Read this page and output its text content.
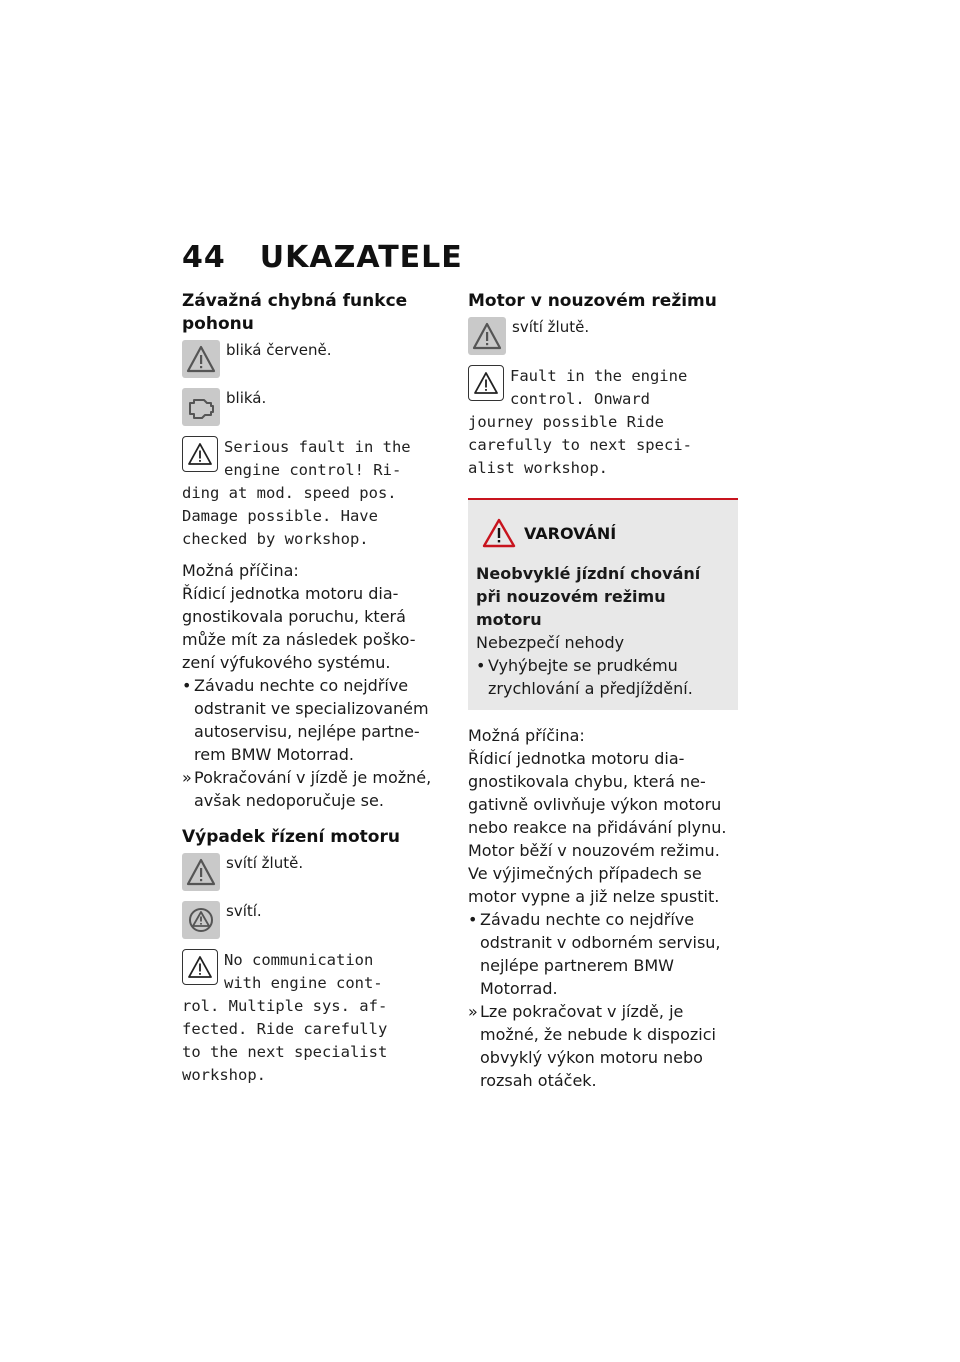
44 UKAZATELE
Závažná chybná funkce pohonu
bliká červeně.
bliká.
Serious fault in the
engine control! Ri-
ding at mod. speed pos.
Damage possible. Have
checked by workshop.

Možná příčina:

Řídicí jednotka motoru dia-gnostikovala poruchu, která může mít za následek poško-zení výfukového systému.

• Závadu nechte co nejdříve odstranit ve specializovaném autoservisu, nejlépe partne-rem BMW Motorrad.
» Pokračování v jízdě je možné, avšak nedoporučuje se.
Výpadek řízení motoru
svítí žlutě.
svítí.
No communication
with engine cont-
rol. Multiple sys. af-
fected. Ride carefully
to the next specialist
workshop.
Motor v nouzovém režimu
svítí žlutě.
Fault in the engine
control. Onward
journey possible Ride
carefully to next speci-
alist workshop.
VAROVÁNÍ

Neobvyklé jízdní chování při nouzovém režimu motoru

Nebezpečí nehody

• Vyhýbejte se prudkému zrychlování a předjíždění.

Možná příčina:

Řídicí jednotka motoru dia-gnostikovala chybu, která ne-gativně ovlivňuje výkon motoru nebo reakce na přidávání plynu. Motor běží v nouzovém režimu. Ve výjimečných případech se motor vypne a již nelze spustit.

• Závadu nechte co nejdříve odstranit v odborném servisu, nejlépe partnerem BMW Motorrad.
» Lze pokračovat v jízdě, je možné, že nebude k dispozici obvyklý výkon motoru nebo rozsah otáček.
